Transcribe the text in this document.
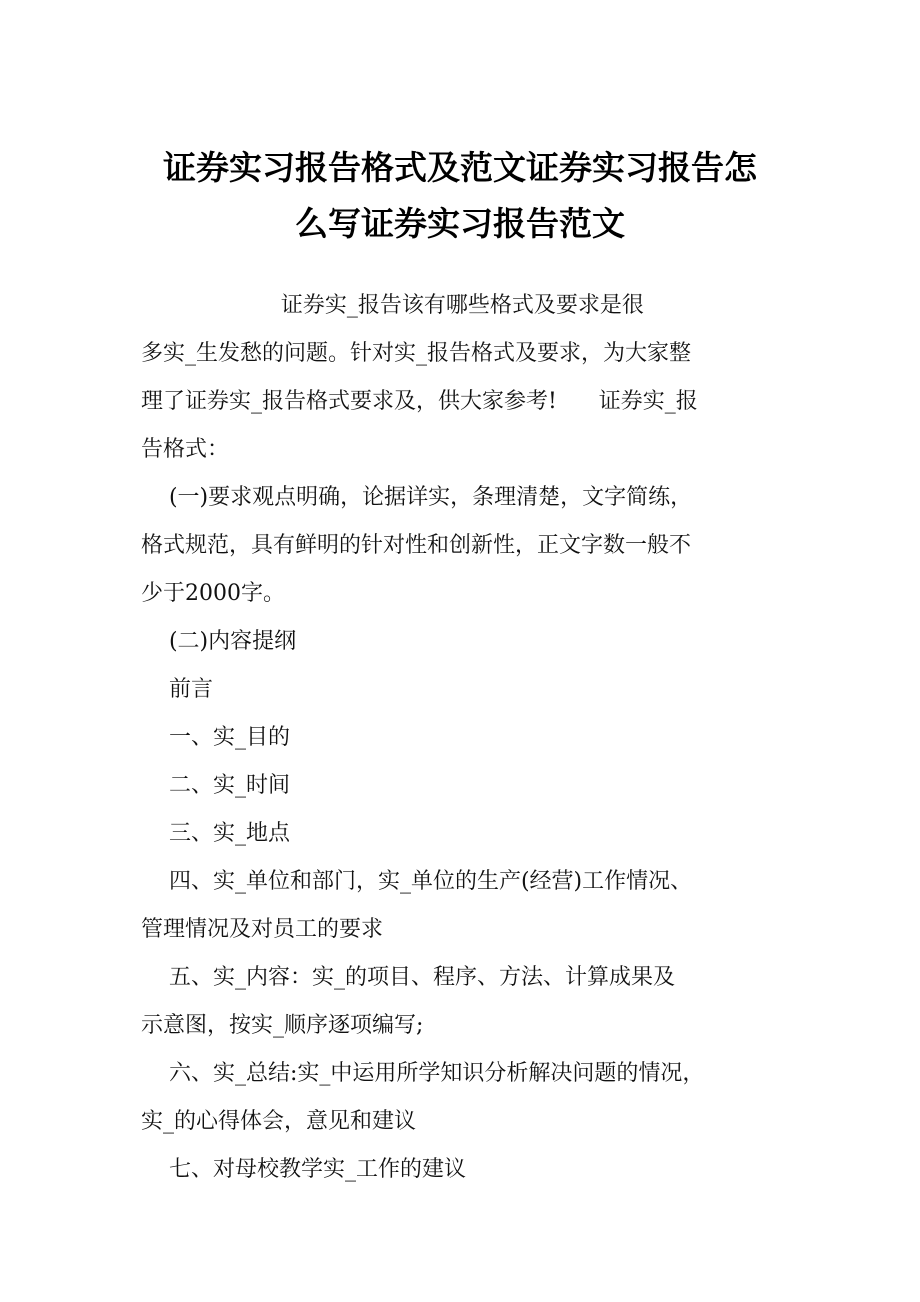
证券实习报告格式及范文证券实习报告怎
么写证券实习报告范文
证券实_报告该有哪些格式及要求是很
多实_生发愁的问题。针对实_报告格式及要求，为大家整
理了证券实_报告格式要求及，供大家参考!      证券实_报
告格式：
(一)要求观点明确，论据详实，条理清楚，文字简练，
格式规范，具有鲜明的针对性和创新性，正文字数一般不
少于2000字。
(二)内容提纲
前言
一、实_目的
二、实_时间
三、实_地点
四、实_单位和部门，实_单位的生产(经营)工作情况、
管理情况及对员工的要求
五、实_内容：实_的项目、程序、方法、计算成果及
示意图，按实_顺序逐项编写;
六、实_总结:实_中运用所学知识分析解决问题的情况，
实_的心得体会，意见和建议
七、对母校教学实_工作的建议
